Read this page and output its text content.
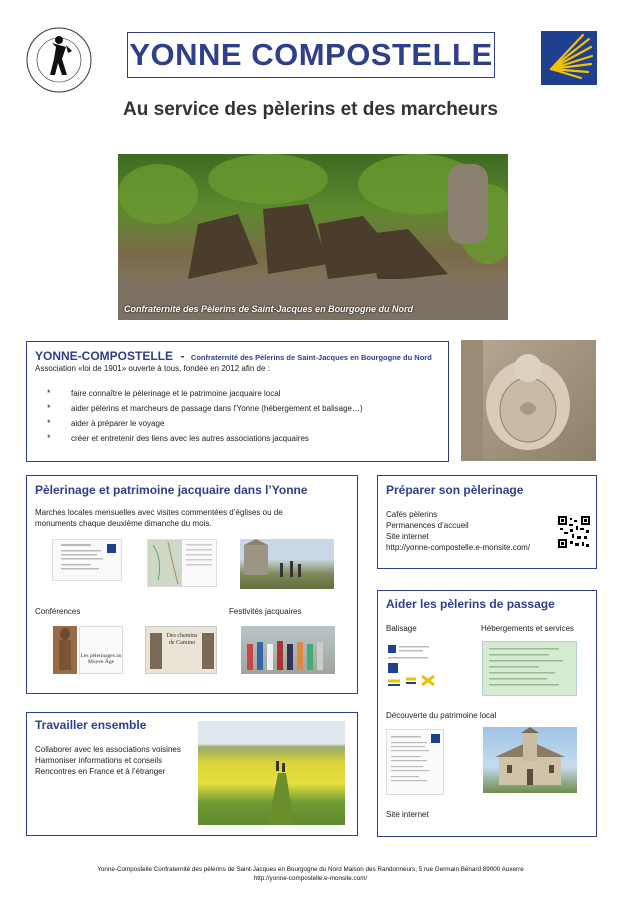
YONNE COMPOSTELLE
Au service des pèlerins et des marcheurs
Confraternité des Pèlerins de Saint-Jacques en Bourgogne du Nord
YONNE-COMPOSTELLE - Confraternité des Pèlerins de Saint-Jacques en Bourgogne du Nord
Association «loi de 1901» ouverte à tous, fondée en 2012 afin de :
*	faire connaître le pèlerinage et le patrimoine jacquaire local
*	aider pèlerins et marcheurs de passage dans l'Yonne (hébergement et balisage…)
*	aider à préparer le voyage
*	créer et entretenir des liens avec les autres associations jacquaires
Pèlerinage et patrimoine jacquaire dans l’Yonne
Marches locales mensuelles avec visites commentées d’églises ou de monuments chaque deuxième dimanche du mois.
Conférences	Festivités jacquaires
Les pèlerinages au Moyen Âge
Des chemins de Camino
Préparer son pèlerinage
Cafés pèlerins
Permanences d’accueil
Site internet
http://yonne-compostelle.e-monsite.com/
Aider les pèlerins de passage
Balisage	Hébergements et services
Découverte du patrimoine local
Site internet
Travailler ensemble
Collaborer avec les associations voisines
Harmoniser informations et conseils
Rencontres en France et à l’étranger
Yonne-Compostelle Confraternité des pèlerins de Saint-Jacques en Bourgogne du Nord Maison des Randonneurs, 5 rue Germain Bénard 89000 Auxerre
http://yonne-compostelle.e-monsite.com/
